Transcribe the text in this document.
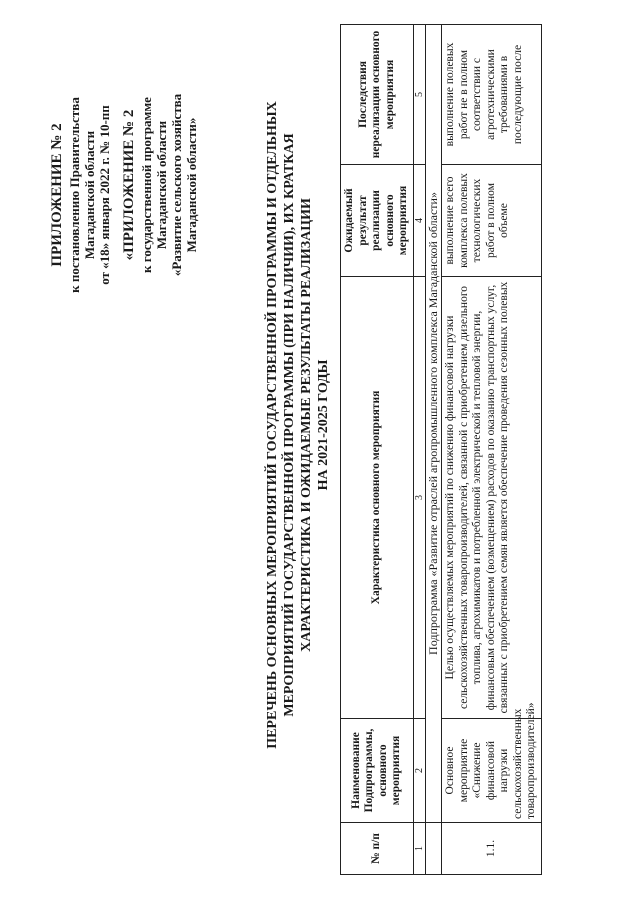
ПРИЛОЖЕНИЕ № 2 к постановлению Правительства Магаданской области от «18» января 2022 г. № 10-пп «ПРИЛОЖЕНИЕ № 2 к государственной программе Магаданской области «Развитие сельского хозяйства Магаданской области»	ПЕРЕЧЕНЬ ОСНОВНЫХ МЕРОПРИЯТИЙ ГОСУДАРСТВЕННОЙ ПРОГРАММЫ И ОТДЕЛЬНЫХ МЕРОПРИЯТИЙ ГОСУДАРСТВЕННОЙ ПРОГРАММЫ (ПРИ НАЛИЧИИ), ИХ КРАТКАЯ ХАРАКТЕРИСТИКА И ОЖИДАЕМЫЕ РЕЗУЛЬТАТЫ РЕАЛИЗАЦИИ НА 2021-2025 ГОДЫ
№ п/п	Наименование Подпрограммы, основного мероприятия	Характеристика основного мероприятия	Ожидаемый результат реализации основного мероприятия	Последствия нереализации основного мероприятия
1	2	3	4	5
	Подпрограмма «Развитие отраслей агропромышленного комплекса Магаданской области»			
1.1.	Основное мероприятие «Снижение финансовой нагрузки сельскохозяйственных товаропроизводителей»	Целью осуществляемых мероприятий по снижению финансовой нагрузки сельскохозяйственных товаропроизводителей, связанной с приобретением дизельного топлива, агрохимикатов и потребленной электрической и тепловой энергии, финансовым обеспечением (возмещением) расходов по оказанию транспортных услуг, связанных с приобретением семян является обеспечение проведения сезонных полевых	выполнение всего комплекса полевых технологических работ в полном объеме	выполнение полевых работ не в полном соответствии с агротехническими требованиями в последующие после
